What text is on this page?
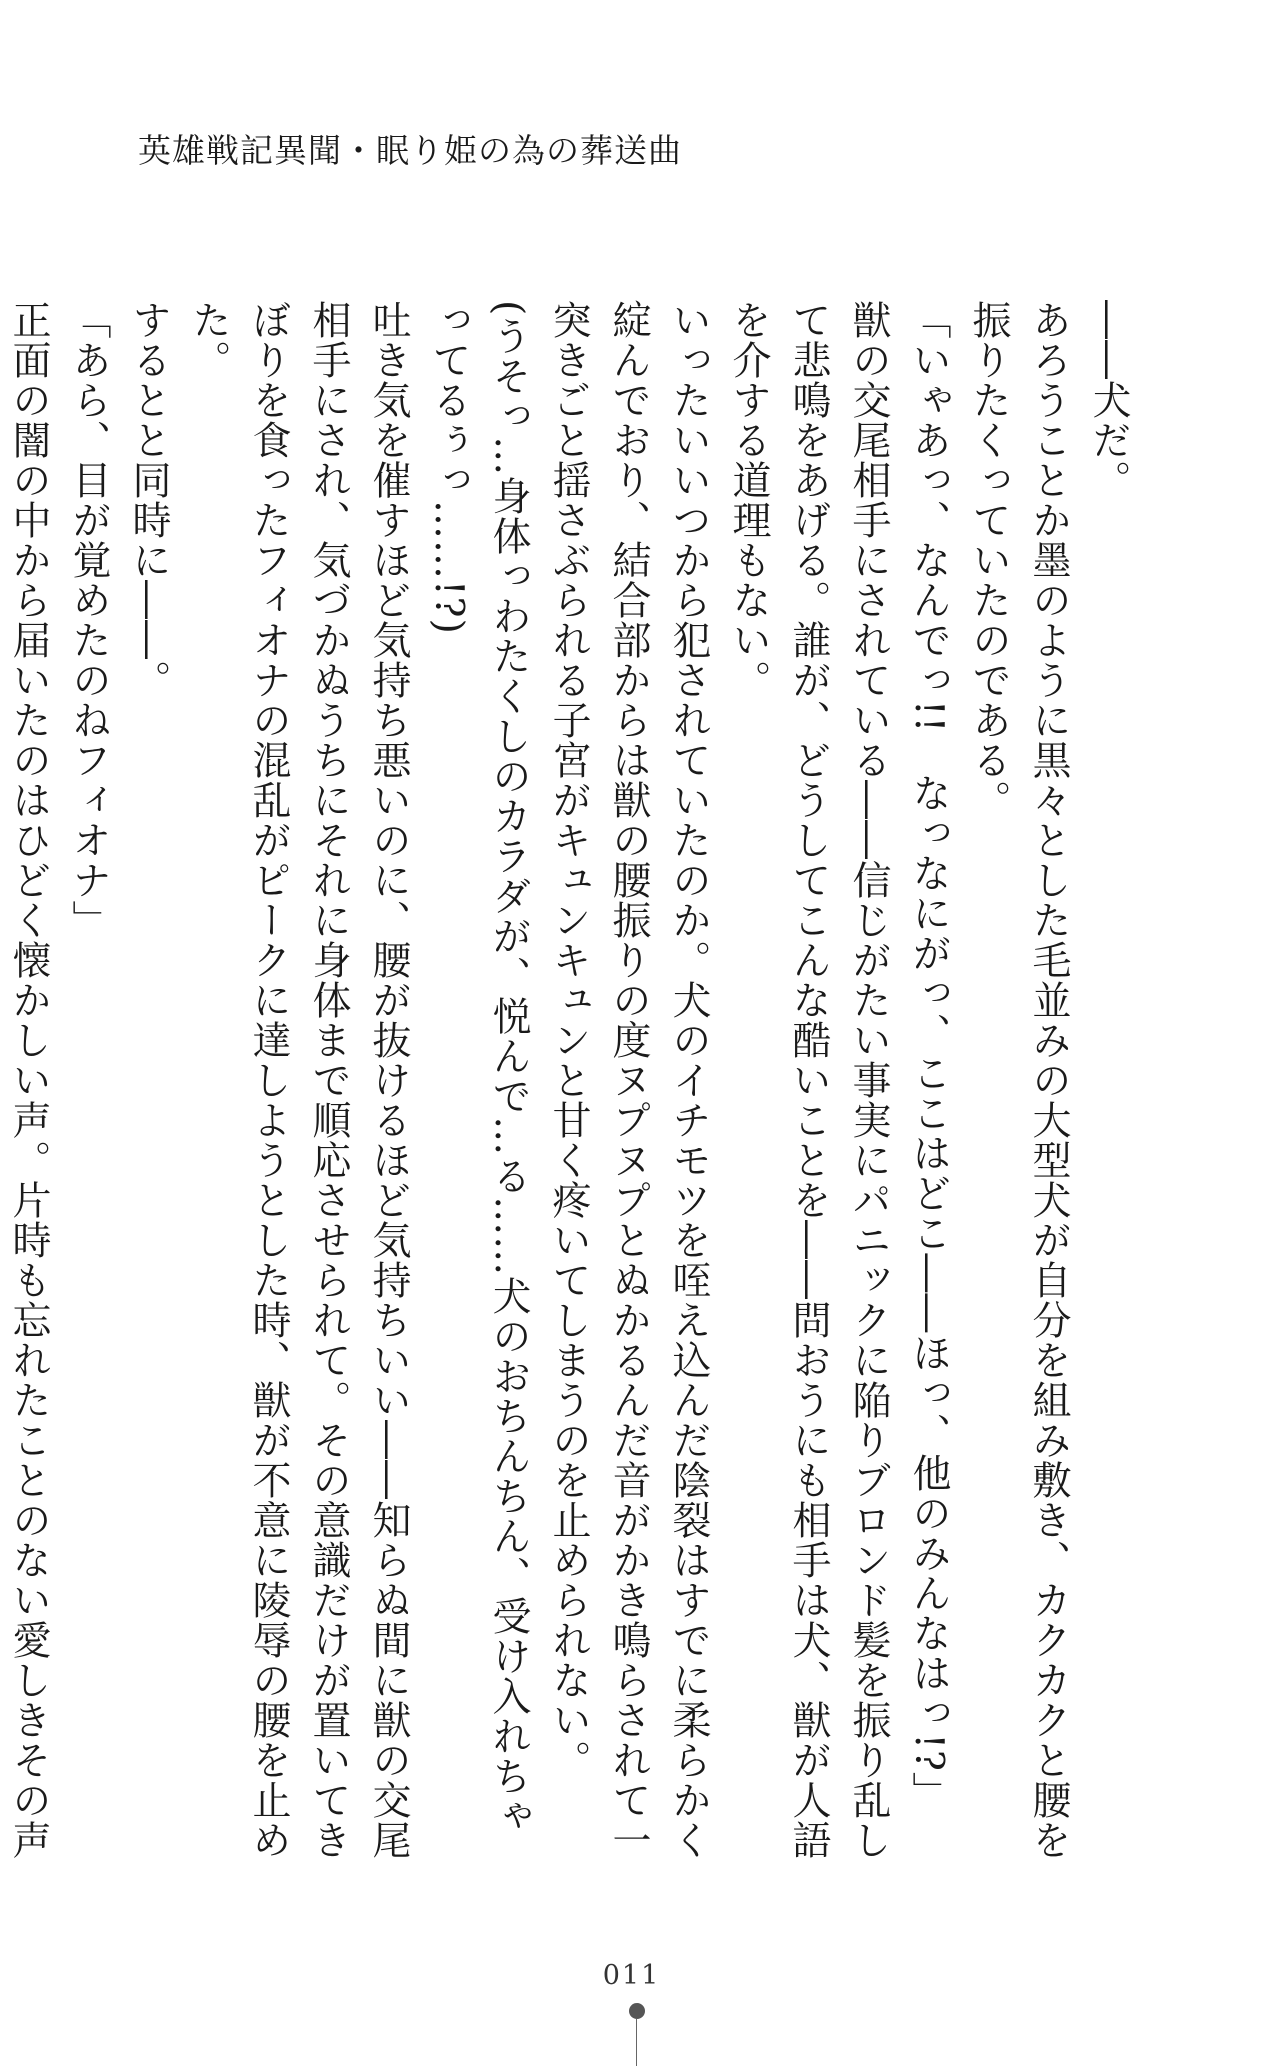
英雄戦記異聞・眠り姫の為の葬送曲

――犬だ。

あろうことか墨のように黒々とした毛並みの大型犬が自分を組み敷き、カクカクと腰を振りたくっていたのである。

「いゃあっ、なんでっ!!　なっなにがっ、ここはどこ――ほっ、他のみんなはっ!?」

獣の交尾相手にされている――信じがたい事実にパニックに陥りブロンド髪を振り乱して悲鳴をあげる。誰が、どうしてこんな酷いことを――問おうにも相手は犬、獣が人語を介する道理もない。

いったいいつから犯されていたのか。犬のイチモツを咥え込んだ陰裂はすでに柔らかく綻んでおり、結合部からは獣の腰振りの度ヌプヌプとぬかるんだ音がかき鳴らされて一突きごと揺さぶられる子宮がキュンキュンと甘く疼いてしまうのを止められない。

(うそっ…身体っわたくしのカラダが、悦んで…る……犬のおちんちん、受け入れちゃってるぅっ……!?)

吐き気を催すほど気持ち悪いのに、腰が抜けるほど気持ちいい――知らぬ間に獣の交尾相手にされ、気づかぬうちにそれに身体まで順応させられて。その意識だけが置いてきぼりを食ったフィオナの混乱がピークに達しようとした時、獣が不意に陵辱の腰を止めた。

するとと同時に――。

「あら、目が覚めたのねフィオナ」

正面の闇の中から届いたのはひどく懐かしい声。片時も忘れたことのない愛しきその声

011
